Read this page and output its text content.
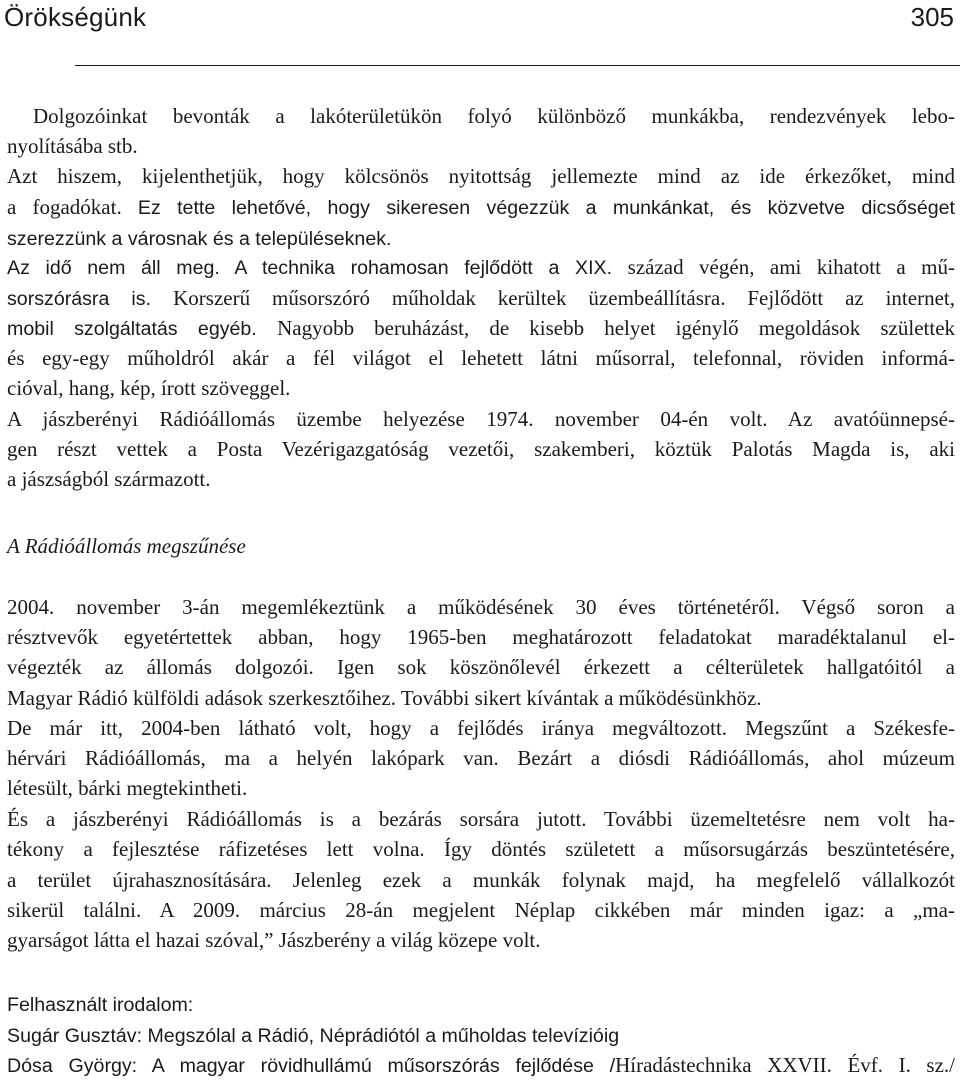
Örökségünk	305
Dolgozóinkat bevonták a lakóterületükön folyó különböző munkákba, rendezvények lebo-
nyolításába stb.
Azt hiszem, kijelenthetjük, hogy kölcsönös nyitottság jellemezte mind az ide érkezőket, mind
a fogadókat. Ez tette lehetővé, hogy sikeresen végezzük a munkánkat, és közvetve dicsőséget
szerezzünk a városnak és a településeknek.
Az idő nem áll meg. A technika rohamosan fejlődött a XIX. század végén, ami kihatott a mű-
sorszórásra is. Korszerű műsorszóró műholdak kerültek üzembeállításra. Fejlődött az internet,
mobil szolgáltatás egyéb. Nagyobb beruházást, de kisebb helyet igénylő megoldások születtek
és egy-egy műholdról akár a fél világot el lehetett látni műsorral, telefonnal, röviden informá-
cióval, hang, kép, írott szöveggel.
A jászberényi Rádióállomás üzembe helyezése 1974. november 04-én volt. Az avatóünnepsé-
gen részt vettek a Posta Vezérigazgatóság vezetői, szakemberi, köztük Palotás Magda is, aki
a jászságból származott.
A Rádióállomás megszűnése
2004. november 3-án megemlékeztünk a működésének 30 éves történetéről. Végső soron a
résztvevők egyetértettek abban, hogy 1965-ben meghatározott feladatokat maradéktalanul el-
végezték az állomás dolgozói. Igen sok köszönőlevél érkezett a célterületek hallgatóitól a
Magyar Rádió külföldi adások szerkesztőihez. További sikert kívántak a működésünkhöz.
De már itt, 2004-ben látható volt, hogy a fejlődés iránya megváltozott. Megszűnt a Székesfe-
hérvári Rádióállomás, ma a helyén lakópark van. Bezárt a diósdi Rádióállomás, ahol múzeum
létesült, bárki megtekintheti.
És a jászberényi Rádióállomás is a bezárás sorsára jutott. További üzemeltetésre nem volt ha-
tékony a fejlesztése ráfizetéses lett volna. Így döntés született a műsorsugárzás beszüntetésére,
a terület újrahasznosítására. Jelenleg ezek a munkák folynak majd, ha megfelelő vállalkozót
sikerül találni. A 2009. március 28-án megjelent Néplap cikkében már minden igaz: a „ma-
gyarságot látta el hazai szóval,” Jászberény a világ közepe volt.
Felhasznált irodalom:
Sugár Gusztáv: Megszólal a Rádió, Néprádiótól a műholdas televízióig
Dósa György: A magyar rövidhullámú műsorszórás fejlődése /Híradástechnika XXVII. Évf. I. sz./
